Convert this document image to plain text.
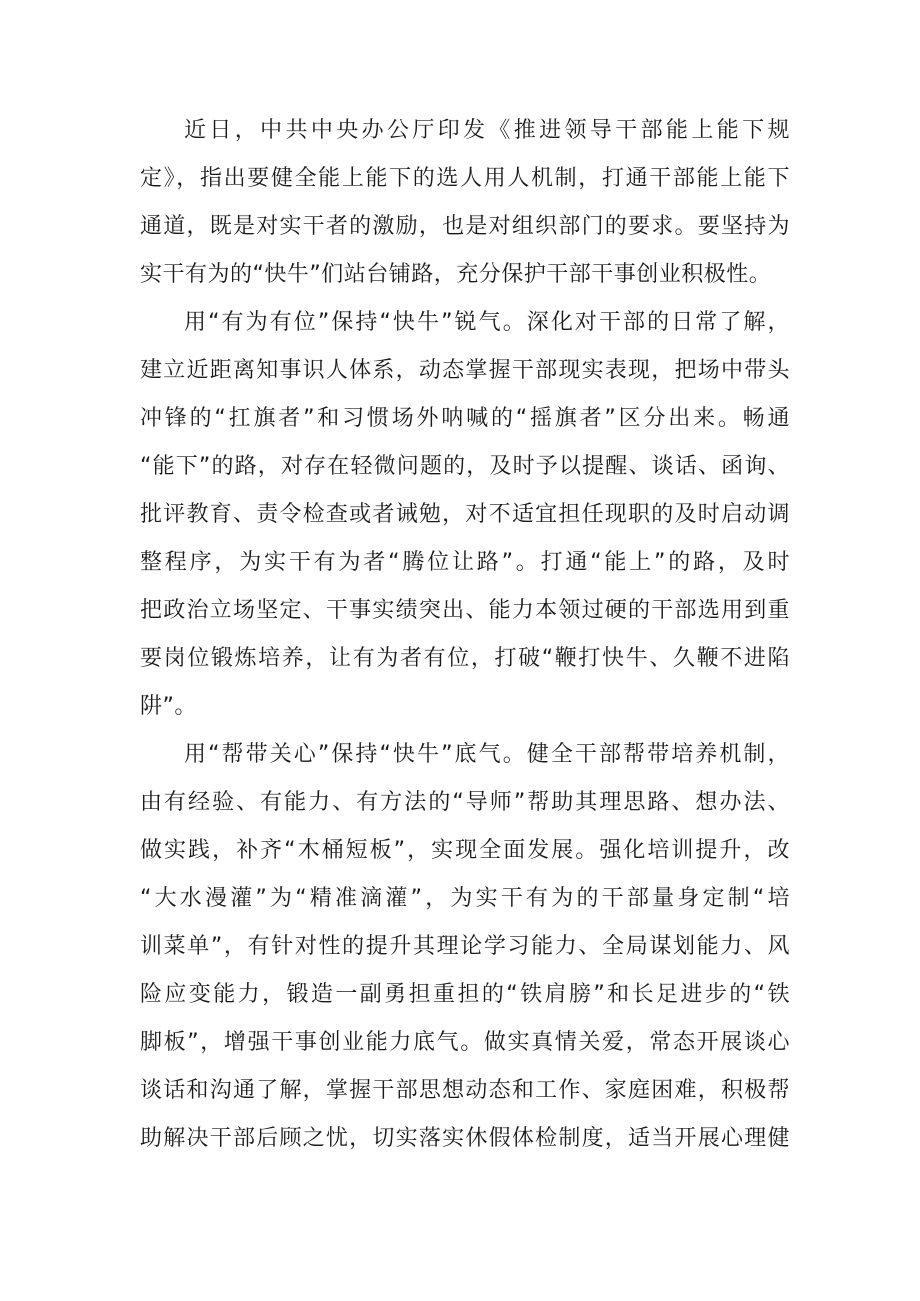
近日，中共中央办公厅印发《推进领导干部能上能下规
定》，指出要健全能上能下的选人用人机制，打通干部能上能下
通道，既是对实干者的激励，也是对组织部门的要求。要坚持为
实干有为的“快牛”们站台铺路，充分保护干部干事创业积极性。
用“有为有位”保持“快牛”锐气。深化对干部的日常了解，
建立近距离知事识人体系，动态掌握干部现实表现，把场中带头
冲锋的“扛旗者”和习惯场外呐喊的“摇旗者”区分出来。畅通
“能下”的路，对存在轻微问题的，及时予以提醒、谈话、函询、
批评教育、责令检查或者诫勉，对不适宜担任现职的及时启动调
整程序，为实干有为者“腾位让路”。打通“能上”的路，及时
把政治立场坚定、干事实绩突出、能力本领过硬的干部选用到重
要岗位锻炼培养，让有为者有位，打破“鞭打快牛、久鞭不进陷
阱”。
用“帮带关心”保持“快牛”底气。健全干部帮带培养机制，
由有经验、有能力、有方法的“导师”帮助其理思路、想办法、
做实践，补齐“木桶短板”，实现全面发展。强化培训提升，改
“大水漫灌”为“精准滴灌”，为实干有为的干部量身定制“培
训菜单”，有针对性的提升其理论学习能力、全局谋划能力、风
险应变能力，锻造一副勇担重担的“铁肩膀”和长足进步的“铁
脚板”，增强干事创业能力底气。做实真情关爱，常态开展谈心
谈话和沟通了解，掌握干部思想动态和工作、家庭困难，积极帮
助解决干部后顾之忧，切实落实休假体检制度，适当开展心理健
